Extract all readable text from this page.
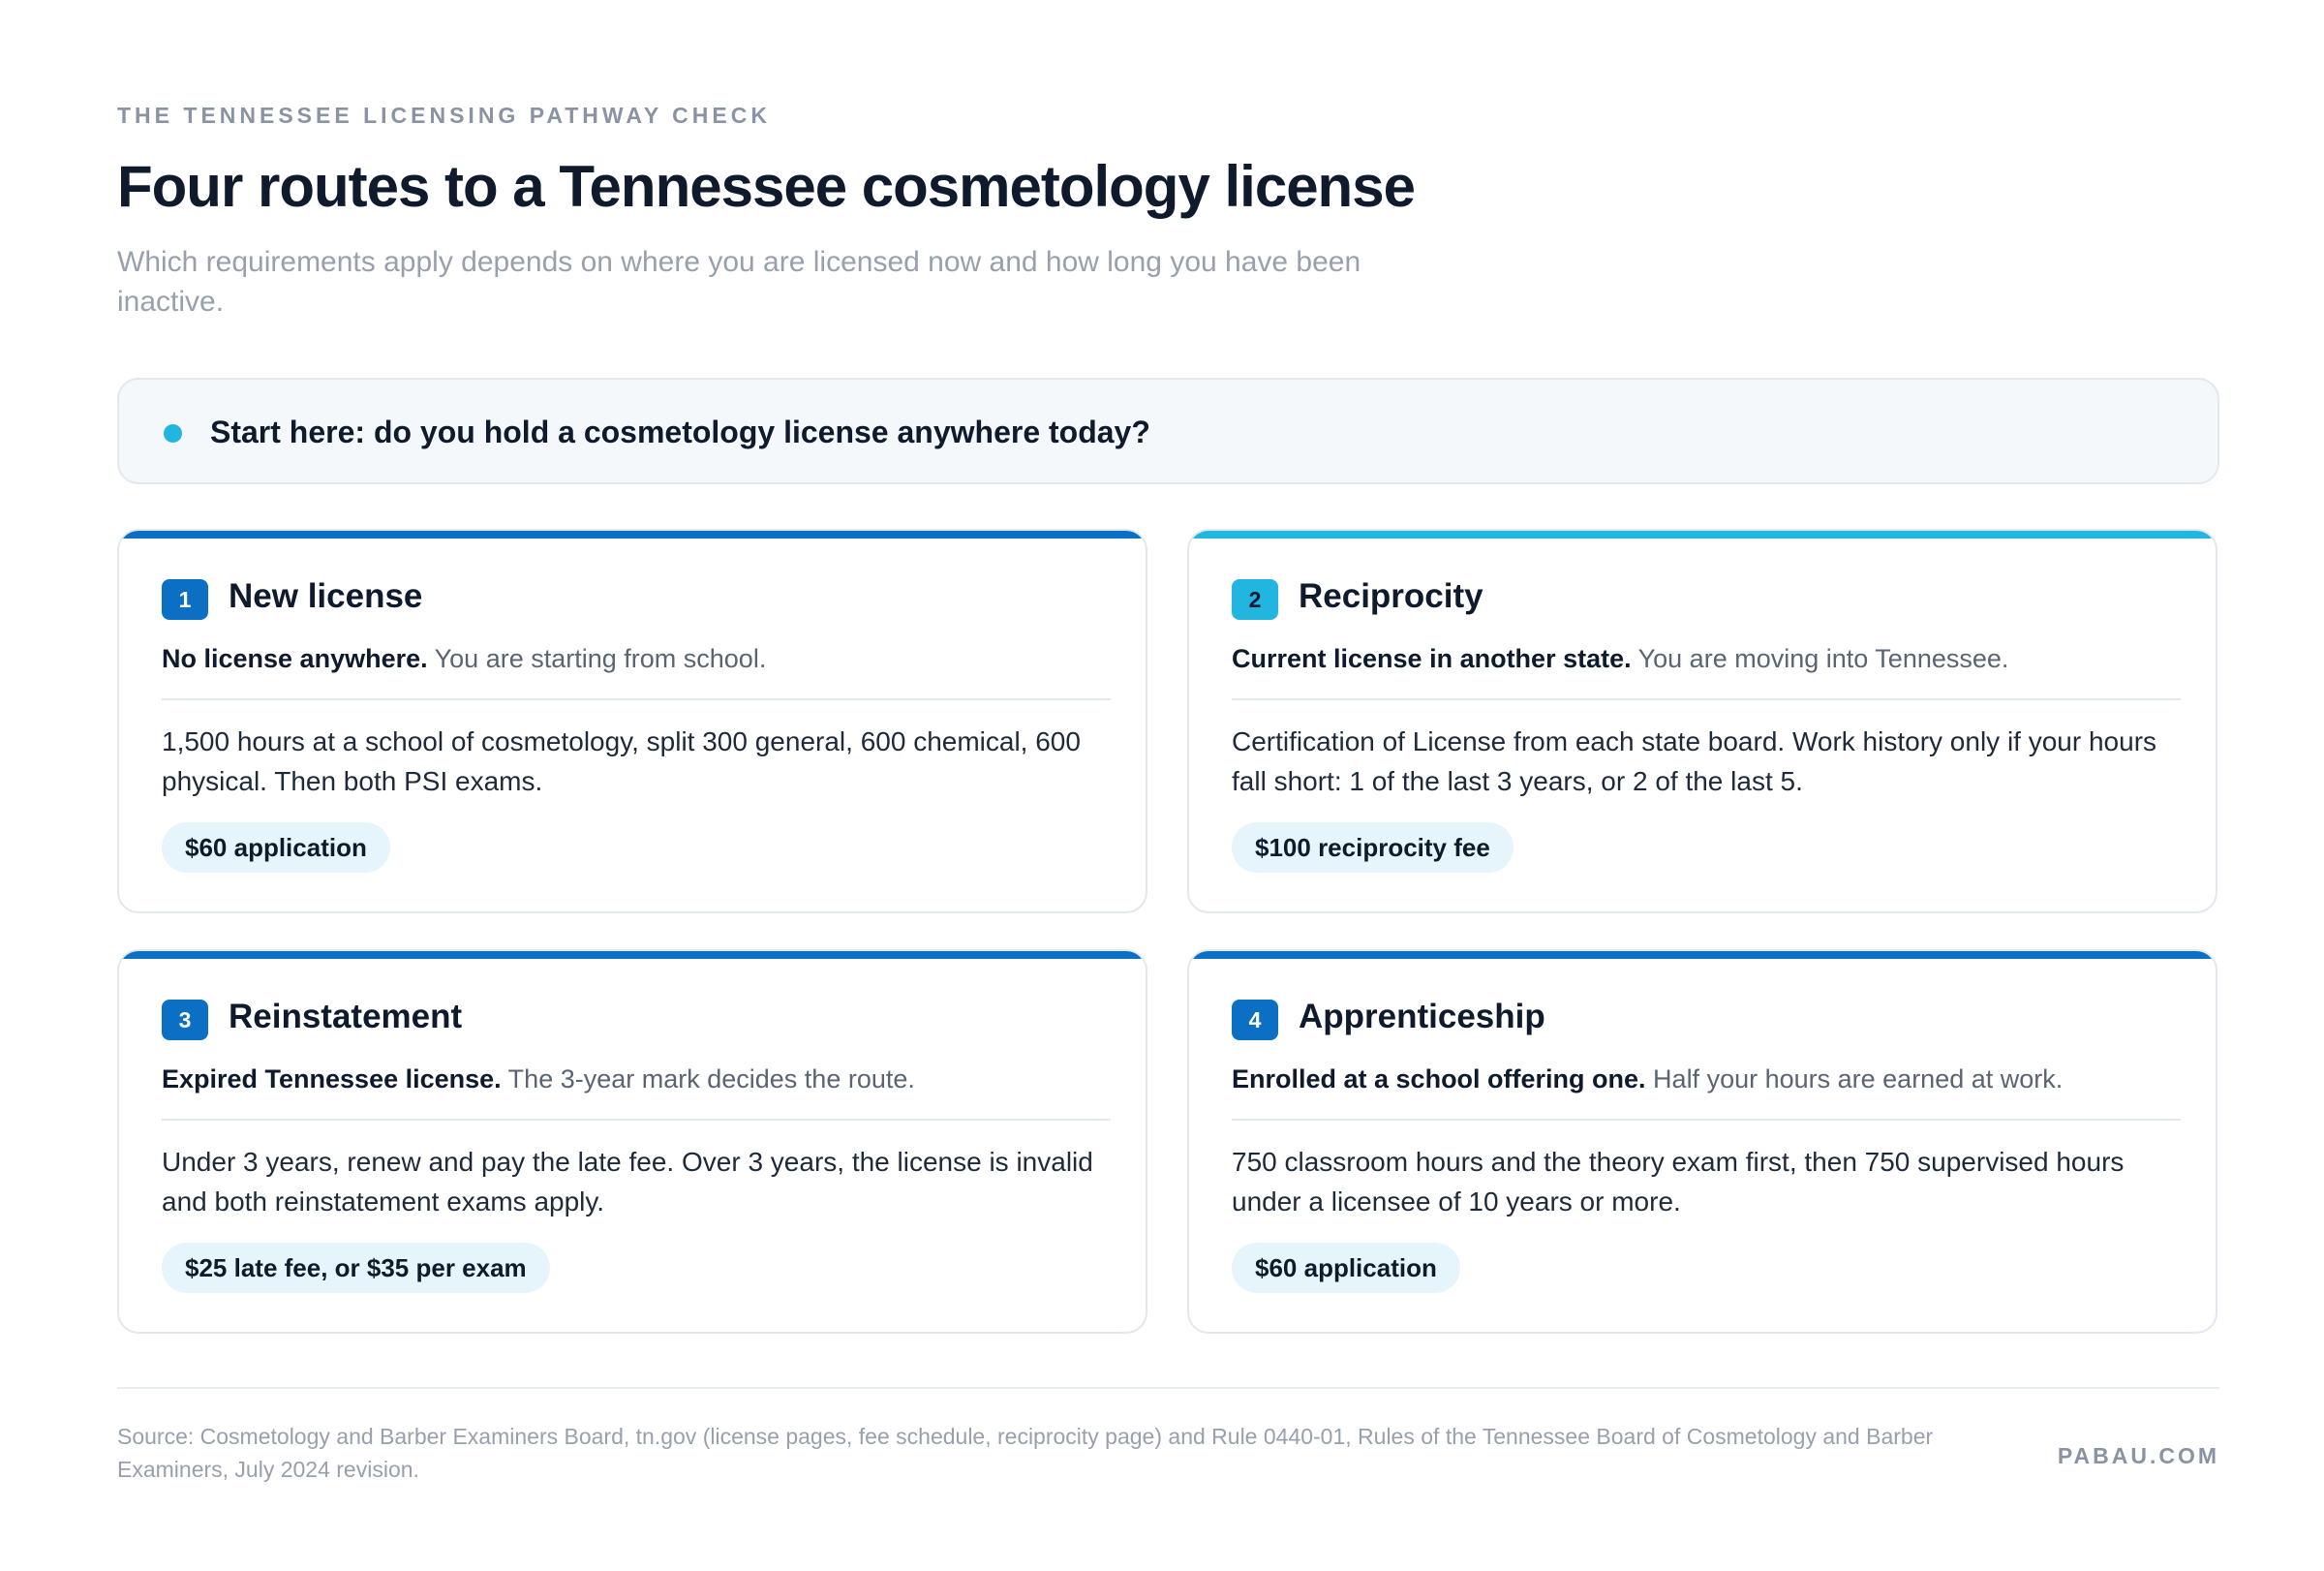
THE TENNESSEE LICENSING PATHWAY CHECK
Four routes to a Tennessee cosmetology license

Which requirements apply depends on where you are licensed now and how long you have been inactive.

Start here: do you hold a cosmetology license anywhere today?
1	New license
No license anywhere. You are starting from school.
1,500 hours at a school of cosmetology, split 300 general, 600 chemical, 600 physical. Then both PSI exams.
$60 application
2	Reciprocity
Current license in another state. You are moving into Tennessee.
Certification of License from each state board. Work history only if your hours fall short: 1 of the last 3 years, or 2 of the last 5.
$100 reciprocity fee
3	Reinstatement
Expired Tennessee license. The 3-year mark decides the route.
Under 3 years, renew and pay the late fee. Over 3 years, the license is invalid and both reinstatement exams apply.
$25 late fee, or $35 per exam
4	Apprenticeship
Enrolled at a school offering one. Half your hours are earned at work.
750 classroom hours and the theory exam first, then 750 supervised hours under a licensee of 10 years or more.
$60 application

Source: Cosmetology and Barber Examiners Board, tn.gov (license pages, fee schedule, reciprocity page) and Rule 0440-01, Rules of the Tennessee Board of Cosmetology and Barber Examiners, July 2024 revision.

PABAU.COM
